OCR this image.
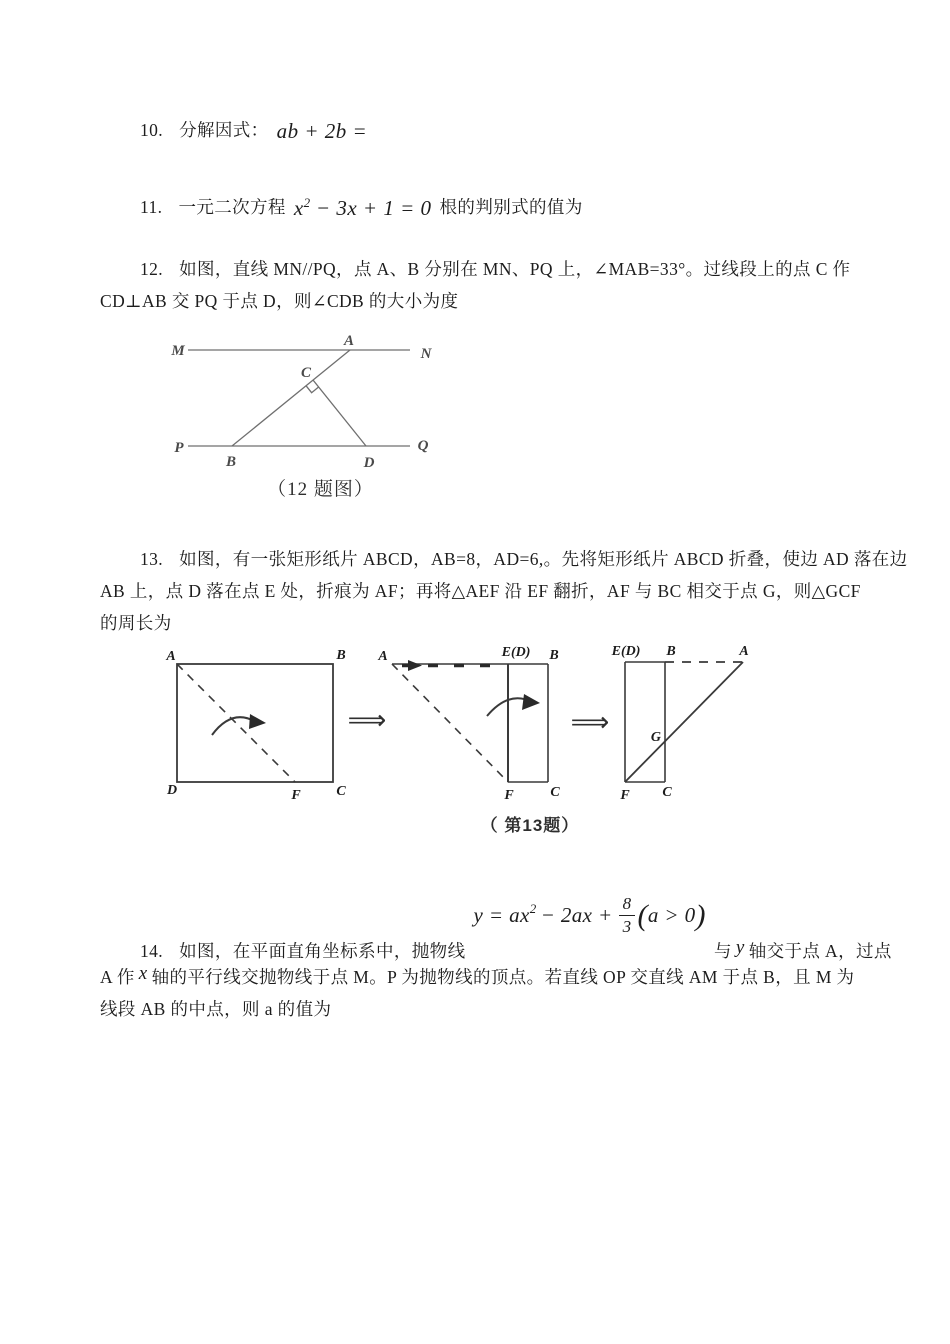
10. 分解因式： ab + 2b =
11. 一元二次方程 $x^2 - 3x + 1 = 0$ 根的判别式的值为
12. 如图，直线 MN//PQ，点 A、B 分别在 MN、PQ 上，∠MAB=33°。过线段上的点 C 作
CD⊥AB 交 PQ 于点 D，则∠CDB 的大小为度
M
A
N
C
P
B	D
Q
（12 题图）
13. 如图，有一张矩形纸片 ABCD，AB=8，AD=6,。先将矩形纸片 ABCD 折叠，使边 AD 落在边
AB 上，点 D 落在点 E 处，折痕为 AF；再将△AEF 沿 EF 翻折，AF 与 BC 相交于点 G，则△GCF
的周长为
A	B
D	C
F
⟹
A	E(D) B
F	C
⟹
E(D) B	A
G
F C
（ 第13题）
14. 如图，在平面直角坐标系中，抛物线
$y = ax^2 - 2ax + \frac{8}{3}$ ( a > 0 )
与 y 轴交于点 A，过点
A 作 x 轴的平行线交抛物线于点 M。P 为抛物线的顶点。若直线 OP 交直线 AM 于点 B，且 M 为
线段 AB 的中点，则 a 的值为
